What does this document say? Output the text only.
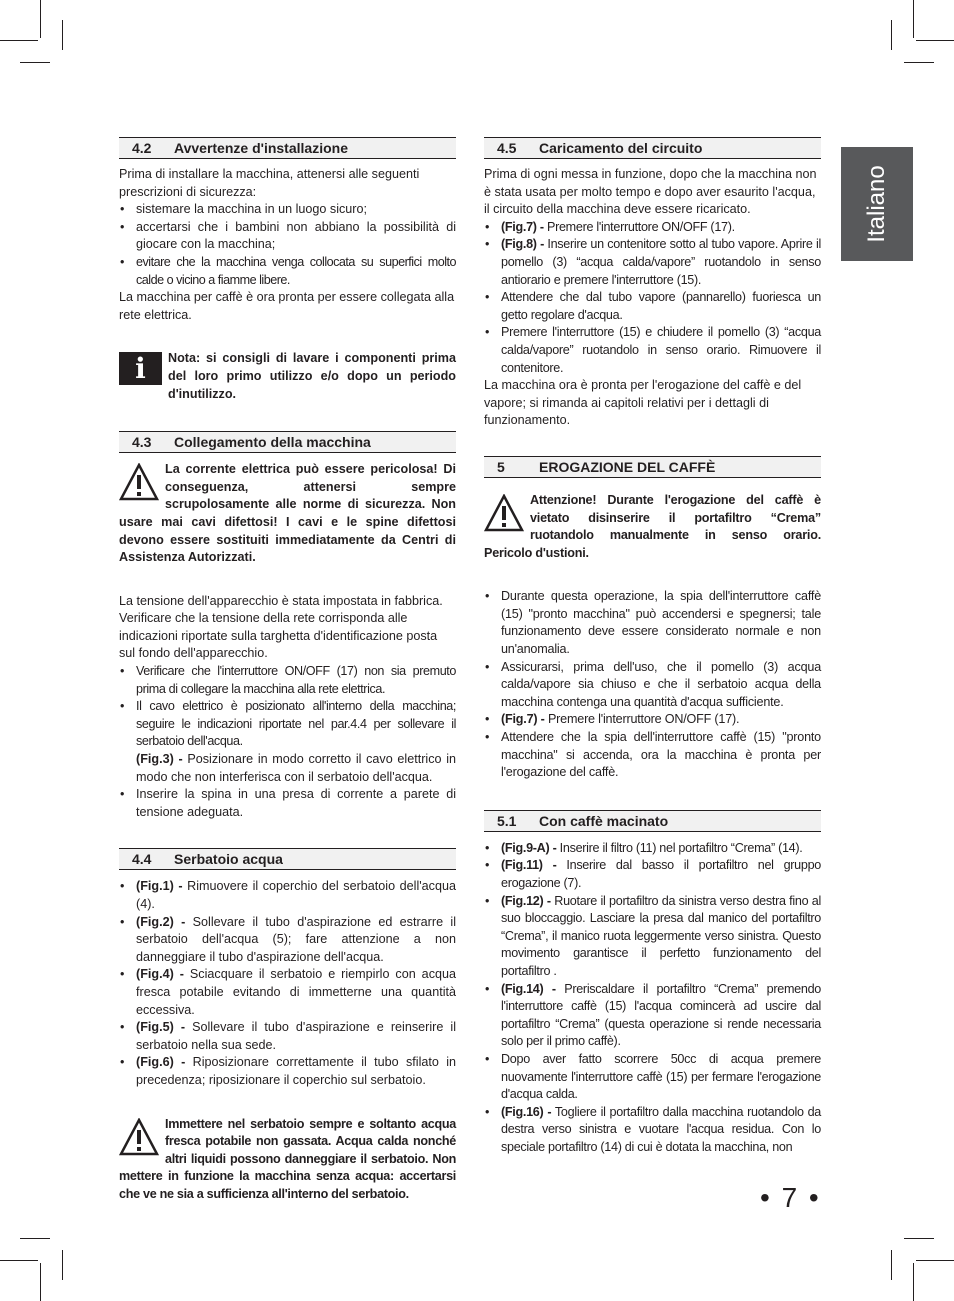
Italiano
4.2	Avvertenze d'installazione

Prima di installare la macchina, attenersi alle seguenti prescrizioni di sicurezza:

• sistemare la macchina in un luogo sicuro;
• accertarsi che i bambini non abbiano la possibilità di giocare con la macchina;
• evitare che la macchina venga collocata su superfici molto calde o vicino a fiamme libere.

La macchina per caffè è ora pronta per essere collegata alla rete elettrica.

i	Nota: si consigli di lavare i componenti prima del loro primo utilizzo e/o dopo un periodo d'inutilizzo.
4.3	Collegamento della macchina
La corrente elettrica può essere pericolosa! Di conseguenza, attenersi sempre scrupolosamente alle norme di sicurezza. Non usare mai cavi difettosi! I cavi e le spine difettosi devono essere sostituiti immediatamente da Centri di Assistenza Autorizzati.

La tensione dell'apparecchio è stata impostata in fabbrica. Verificare che la tensione della rete corrisponda alle indicazioni riportate sulla targhetta d'identificazione posta sul fondo dell'apparecchio.

• Verificare che l'interruttore ON/OFF (17) non sia premuto prima di collegare la macchina alla rete elettrica.
• Il cavo elettrico è posizionato all'interno della macchina; seguire le indicazioni riportate nel par.4.4 per sollevare il serbatoio dell'acqua.
(Fig.3) - Posizionare in modo corretto il cavo elettrico in modo che non interferisca con il serbatoio dell'acqua.
• Inserire la spina in una presa di corrente a parete di tensione adeguata.
4.4	Serbatoio acqua
• (Fig.1) - Rimuovere il coperchio del serbatoio dell'acqua (4).
• (Fig.2) - Sollevare il tubo d'aspirazione ed estrarre il serbatoio dell'acqua (5); fare attenzione a non danneggiare il tubo d'aspirazione dell'acqua.
• (Fig.4) - Sciacquare il serbatoio e riempirlo con acqua fresca potabile evitando di immetterne una quantità eccessiva.
• (Fig.5) - Sollevare il tubo d'aspirazione e reinserire il serbatoio nella sua sede.
• (Fig.6) - Riposizionare correttamente il tubo sfilato in precedenza; riposizionare il coperchio sul serbatoio.
Immettere nel serbatoio sempre e soltanto acqua fresca potabile non gassata. Acqua calda nonché altri liquidi possono danneggiare il serbatoio. Non mettere in funzione la macchina senza acqua: accertarsi che ve ne sia a sufficienza all'interno del serbatoio.
4.5	Caricamento del circuito

Prima di ogni messa in funzione, dopo che la macchina non è stata usata per molto tempo e dopo aver esaurito l'acqua, il circuito della macchina deve essere ricaricato.

• (Fig.7) - Premere l'interruttore ON/OFF (17).
• (Fig.8) - Inserire un contenitore sotto al tubo vapore. Aprire il pomello (3) “acqua calda/vapore” ruotandolo in senso antiorario e premere l'interruttore (15).
• Attendere che dal tubo vapore (pannarello) fuoriesca un getto regolare d'acqua.
• Premere l'interruttore (15) e chiudere il pomello (3) “acqua calda/vapore” ruotandolo in senso orario. Rimuovere il contenitore.

La macchina ora è pronta per l'erogazione del caffè e del vapore; si rimanda ai capitoli relativi per i dettagli di funzionamento.

5	EROGAZIONE DEL CAFFÈ
Attenzione! Durante l'erogazione del caffè è vietato disinserire il portafiltro “Crema” ruotandolo manualmente in senso orario. Pericolo d'ustioni.
• Durante questa operazione, la spia dell'interruttore caffè (15) "pronto macchina" può accendersi e spegnersi; tale funzionamento deve essere considerato normale e non un'anomalia.
• Assicurarsi, prima dell'uso, che il pomello (3) acqua calda/vapore sia chiuso e che il serbatoio acqua della macchina contenga una quantità d'acqua sufficiente.
• (Fig.7) - Premere l'interruttore ON/OFF (17).
• Attendere che la spia dell'interruttore caffè (15) "pronto macchina" si accenda, ora la macchina è pronta per l'erogazione del caffè.
5.1	Con caffè macinato
• (Fig.9-A) - Inserire il filtro (11) nel portafiltro “Crema” (14).
• (Fig.11) - Inserire dal basso il portafiltro nel gruppo erogazione (7).
• (Fig.12) - Ruotare il portafiltro da sinistra verso destra fino al suo bloccaggio. Lasciare la presa dal manico del portafiltro “Crema”, il manico ruota leggermente verso sinistra. Questo movimento garantisce il perfetto funzionamento del portafiltro .
• (Fig.14) - Preriscaldare il portafiltro “Crema” premendo l'interruttore caffè (15) l'acqua comincerà ad uscire dal portafiltro “Crema” (questa operazione si rende necessaria solo per il primo caffè).
• Dopo aver fatto scorrere 50cc di acqua premere nuovamente l'interruttore caffè (15) per fermare l'erogazione d'acqua calda.
• (Fig.16) - Togliere il portafiltro dalla macchina ruotandolo da destra verso sinistra e vuotare l'acqua residua. Con lo speciale portafiltro (14) di cui è dotata la macchina, non
• 7 •
